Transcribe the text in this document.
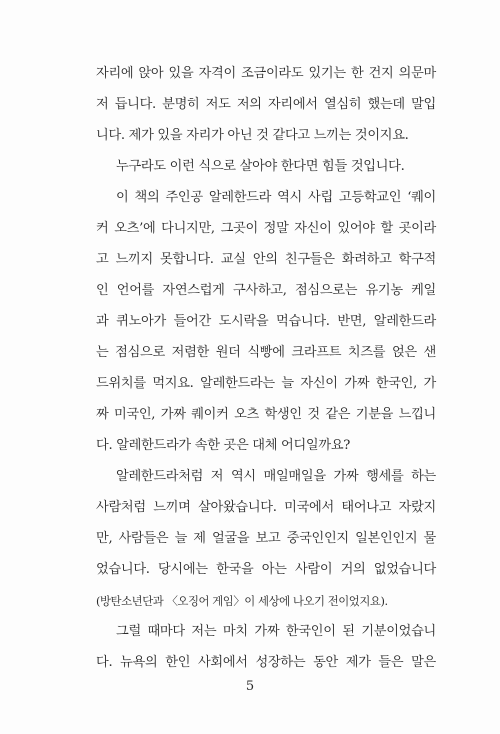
자리에 앉아 있을 자격이 조금이라도 있기는 한 건지 의문마
저 듭니다. 분명히 저도 저의 자리에서 열심히 했는데 말입
니다. 제가 있을 자리가 아닌 것 같다고 느끼는 것이지요.
누구라도 이런 식으로 살아야 한다면 힘들 것입니다.
이 책의 주인공 알레한드라 역시 사립 고등학교인 ‘퀘이
커 오츠’에 다니지만, 그곳이 정말 자신이 있어야 할 곳이라
고 느끼지 못합니다. 교실 안의 친구들은 화려하고 학구적
인 언어를 자연스럽게 구사하고, 점심으로는 유기농 케일
과 퀴노아가 들어간 도시락을 먹습니다. 반면, 알레한드라
는 점심으로 저렴한 원더 식빵에 크라프트 치즈를 얹은 샌
드위치를 먹지요. 알레한드라는 늘 자신이 가짜 한국인, 가
짜 미국인, 가짜 퀘이커 오츠 학생인 것 같은 기분을 느낍니
다. 알레한드라가 속한 곳은 대체 어디일까요?
알레한드라처럼 저 역시 매일매일을 가짜 행세를 하는
사람처럼 느끼며 살아왔습니다. 미국에서 태어나고 자랐지
만, 사람들은 늘 제 얼굴을 보고 중국인인지 일본인인지 물
었습니다. 당시에는 한국을 아는 사람이 거의 없었습니다
(방탄소년단과 〈오징어 게임〉이 세상에 나오기 전이었지요).
그럴 때마다 저는 마치 가짜 한국인이 된 기분이었습니
다. 뉴욕의 한인 사회에서 성장하는 동안 제가 들은 말은
5
